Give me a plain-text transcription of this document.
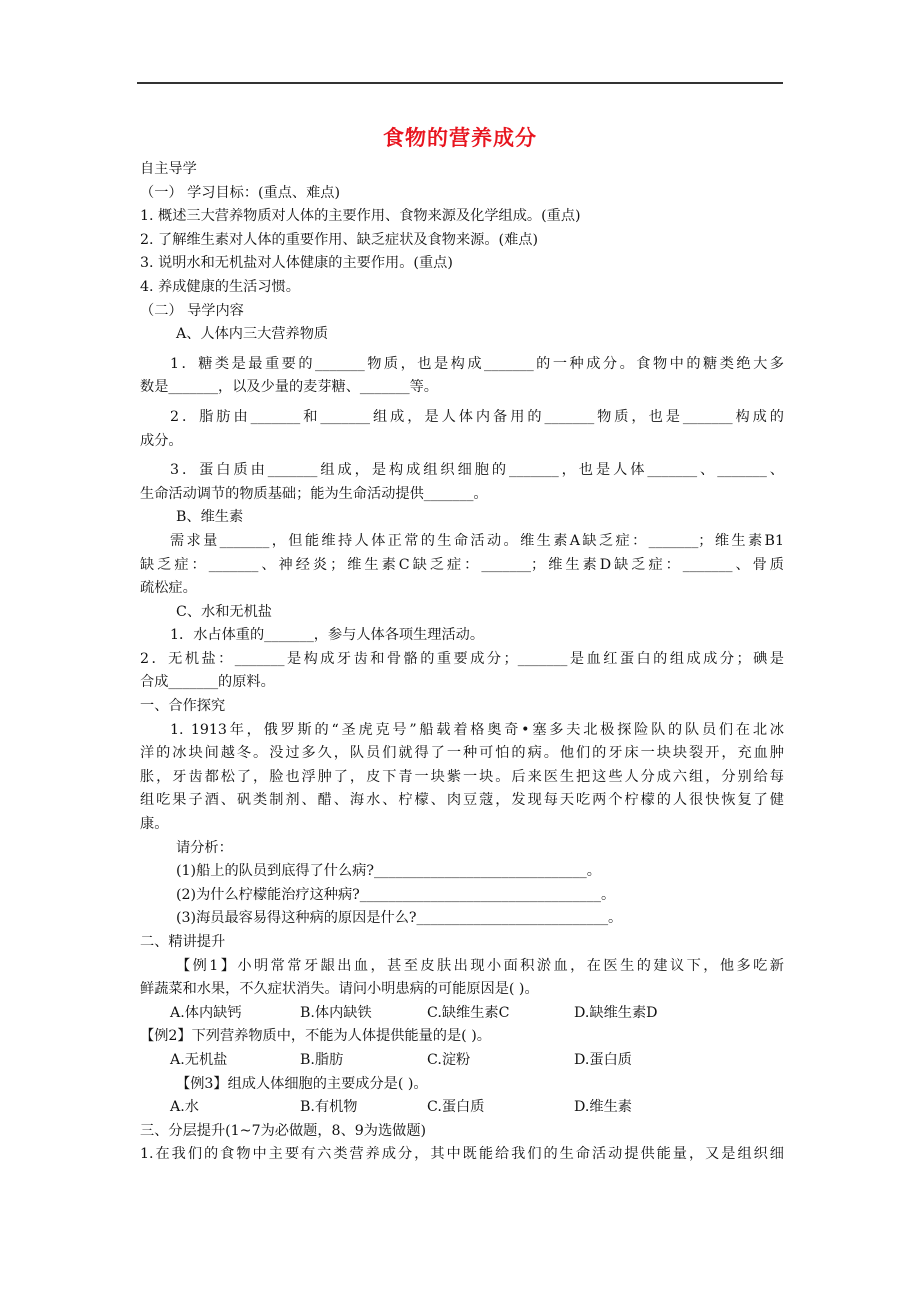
食物的营养成分
自主导学
（一） 学习目标：(重点、难点)
1. 概述三大营养物质对人体的主要作用、食物来源及化学组成。(重点)
2. 了解维生素对人体的重要作用、缺乏症状及食物来源。(难点)
3. 说明水和无机盐对人体健康的主要作用。(重点)
4. 养成健康的生活习惯。
（二） 导学内容
A、人体内三大营养物质
1．糖类是最重要的_______物质，也是构成_______的一种成分。食物中的糖类绝大多
数是_______，以及少量的麦芽糖、_______等。
2．脂肪由_______和_______组成，是人体内备用的_______物质，也是_______构成的
成分。
3．蛋白质由_______组成，是构成组织细胞的_______，也是人体_______、_______、
生命活动调节的物质基础；能为生命活动提供_______。
B、维生素
需求量_______，但能维持人体正常的生命活动。维生素A缺乏症：_______；维生素B1
缺乏症：_______、神经炎；维生素C缺乏症：_______；维生素D缺乏症：_______、骨质
疏松症。
C、水和无机盐
1．水占体重的_______，参与人体各项生理活动。
2．无机盐：_______是构成牙齿和骨骼的重要成分；_______是血红蛋白的组成成分；碘是
合成_______的原料。
一、合作探究
1. 1913年，俄罗斯的“圣虎克号”船载着格奥奇•塞多夫北极探险队的队员们在北冰
洋的冰块间越冬。没过多久，队员们就得了一种可怕的病。他们的牙床一块块裂开，充血肿
胀，牙齿都松了，脸也浮肿了，皮下青一块紫一块。后来医生把这些人分成六组，分别给每
组吃果子酒、矾类制剂、醋、海水、柠檬、肉豆蔻，发现每天吃两个柠檬的人很快恢复了健
康。
请分析：
(1)船上的队员到底得了什么病?______________________________。
(2)为什么柠檬能治疗这种病?__________________________________。
(3)海员最容易得这种病的原因是什么?___________________________。
二、精讲提升
【例1】小明常常牙龈出血，甚至皮肤出现小面积淤血，在医生的建议下，他多吃新
鲜蔬菜和水果，不久症状消失。请问小明患病的可能原因是( )。
A.体内缺钙	B.体内缺铁	C.缺维生素C	D.缺维生素D
【例2】下列营养物质中，不能为人体提供能量的是( )。
A.无机盐	B.脂肪	C.淀粉	D.蛋白质
【例3】组成人体细胞的主要成分是( )。
A.水	B.有机物	C.蛋白质	D.维生素
三、分层提升(1~7为必做题，8、9为选做题)
1.在我们的食物中主要有六类营养成分，其中既能给我们的生命活动提供能量，又是组织细
